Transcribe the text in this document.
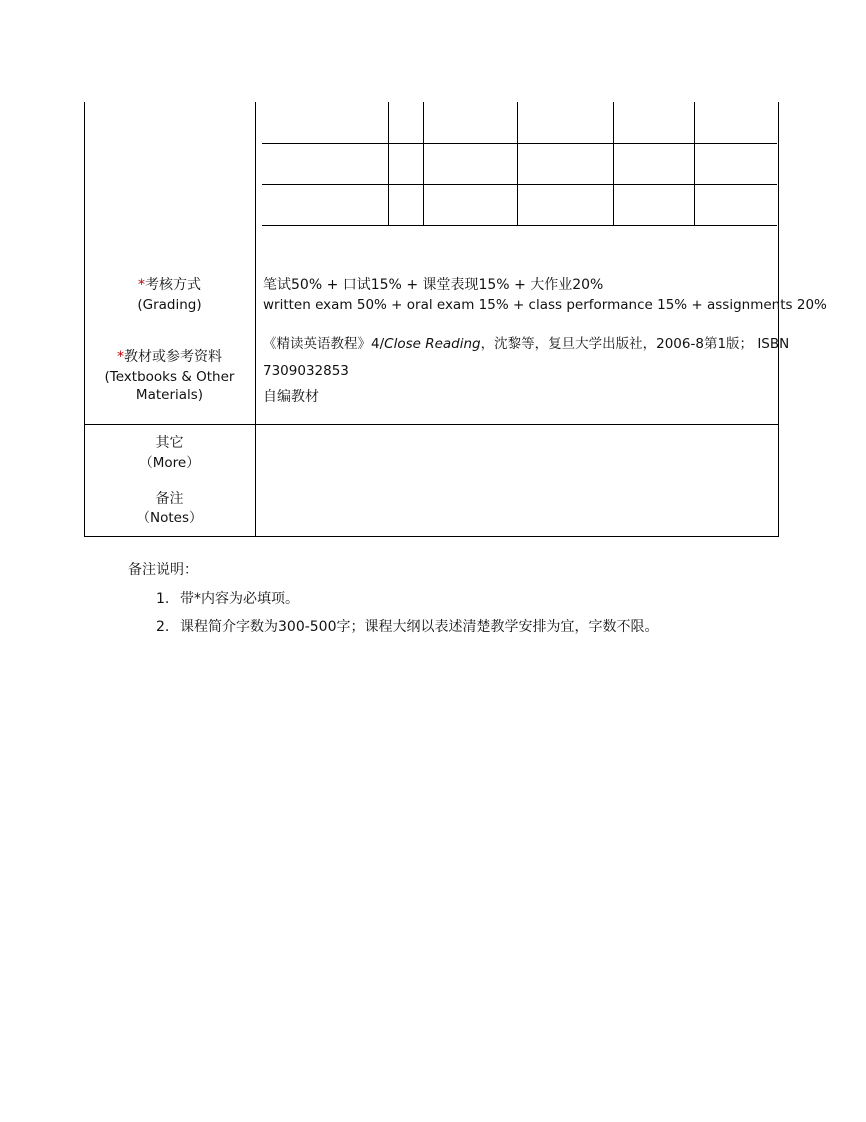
*考核方式
(Grading)
笔试50% + 口试15% + 课堂表现15% + 大作业20%
written exam 50% + oral exam 15% + class performance 15% + assignments 20%
*教材或参考资料
(Textbooks & Other
Materials)
《精读英语教程》4/Close Reading，沈黎等，复旦大学出版社，2006-8第1版； ISBN
7309032853
自编教材
其它
（More）
备注
（Notes）
备注说明：
1. 带*内容为必填项。
2. 课程简介字数为300-500字；课程大纲以表述清楚教学安排为宜，字数不限。
